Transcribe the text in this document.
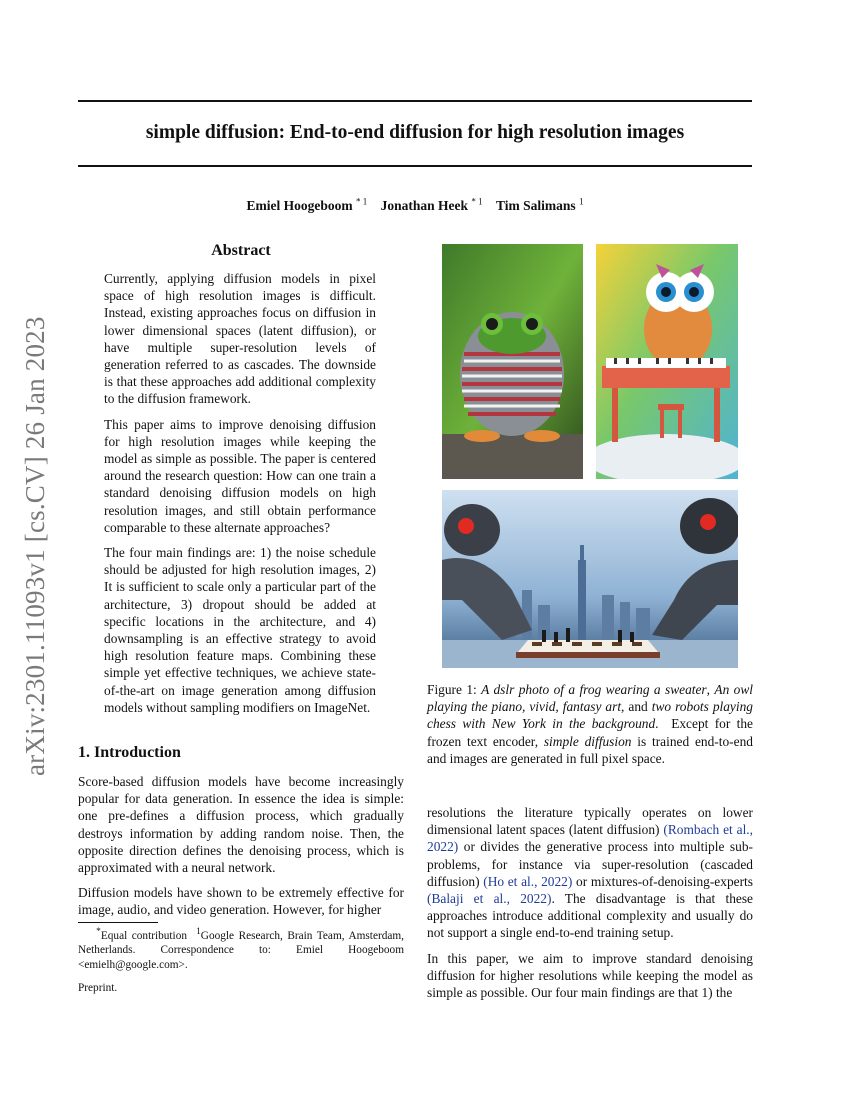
arXiv:2301.11093v1 [cs.CV] 26 Jan 2023
simple diffusion: End-to-end diffusion for high resolution images
Emiel Hoogeboom $^{* 1}$ Jonathan Heek $^{* 1}$ Tim Salimans $^1$
Abstract

Currently, applying diffusion models in pixel space of high resolution images is difficult. Instead, existing approaches focus on diffusion in lower dimensional spaces (latent diffusion), or have multiple super-resolution levels of generation referred to as cascades. The downside is that these approaches add additional complexity to the diffusion framework.

This paper aims to improve denoising diffusion for high resolution images while keeping the model as simple as possible. The paper is centered around the research question: How can one train a standard denoising diffusion models on high resolution images, and still obtain performance comparable to these alternate approaches?

The four main findings are: 1) the noise schedule should be adjusted for high resolution images, 2) It is sufficient to scale only a particular part of the architecture, 3) dropout should be added at specific locations in the architecture, and 4) downsampling is an effective strategy to avoid high resolution feature maps. Combining these simple yet effective techniques, we achieve state-of-the-art on image generation among diffusion models without sampling modifiers on ImageNet.

Figure 1: A dslr photo of a frog wearing a sweater, An owl playing the piano, vivid, fantasy art, and two robots playing chess with New York in the background.  Except for the frozen text encoder, simple diffusion is trained end-to-end and images are generated in full pixel space.
1. Introduction

Score-based diffusion models have become increasingly popular for data generation. In essence the idea is simple: one pre-defines a diffusion process, which gradually destroys information by adding random noise. Then, the opposite direction defines the denoising process, which is approximated with a neural network.

Diffusion models have shown to be extremely effective for image, audio, and video generation. However, for higher

*Equal contribution $^1$Google Research, Brain Team, Amsterdam, Netherlands. Correspondence to: Emiel Hoogeboom <emielh@google.com>.
Preprint.

resolutions the literature typically operates on lower dimensional latent spaces (latent diffusion) (Rombach et al., 2022) or divides the generative process into multiple sub-problems, for instance via super-resolution (cascaded diffusion) (Ho et al., 2022) or mixtures-of-denoising-experts (Balaji et al., 2022). The disadvantage is that these approaches introduce additional complexity and usually do not support a single end-to-end training setup.

In this paper, we aim to improve standard denoising diffusion for higher resolutions while keeping the model as simple as possible. Our four main findings are that 1) the
